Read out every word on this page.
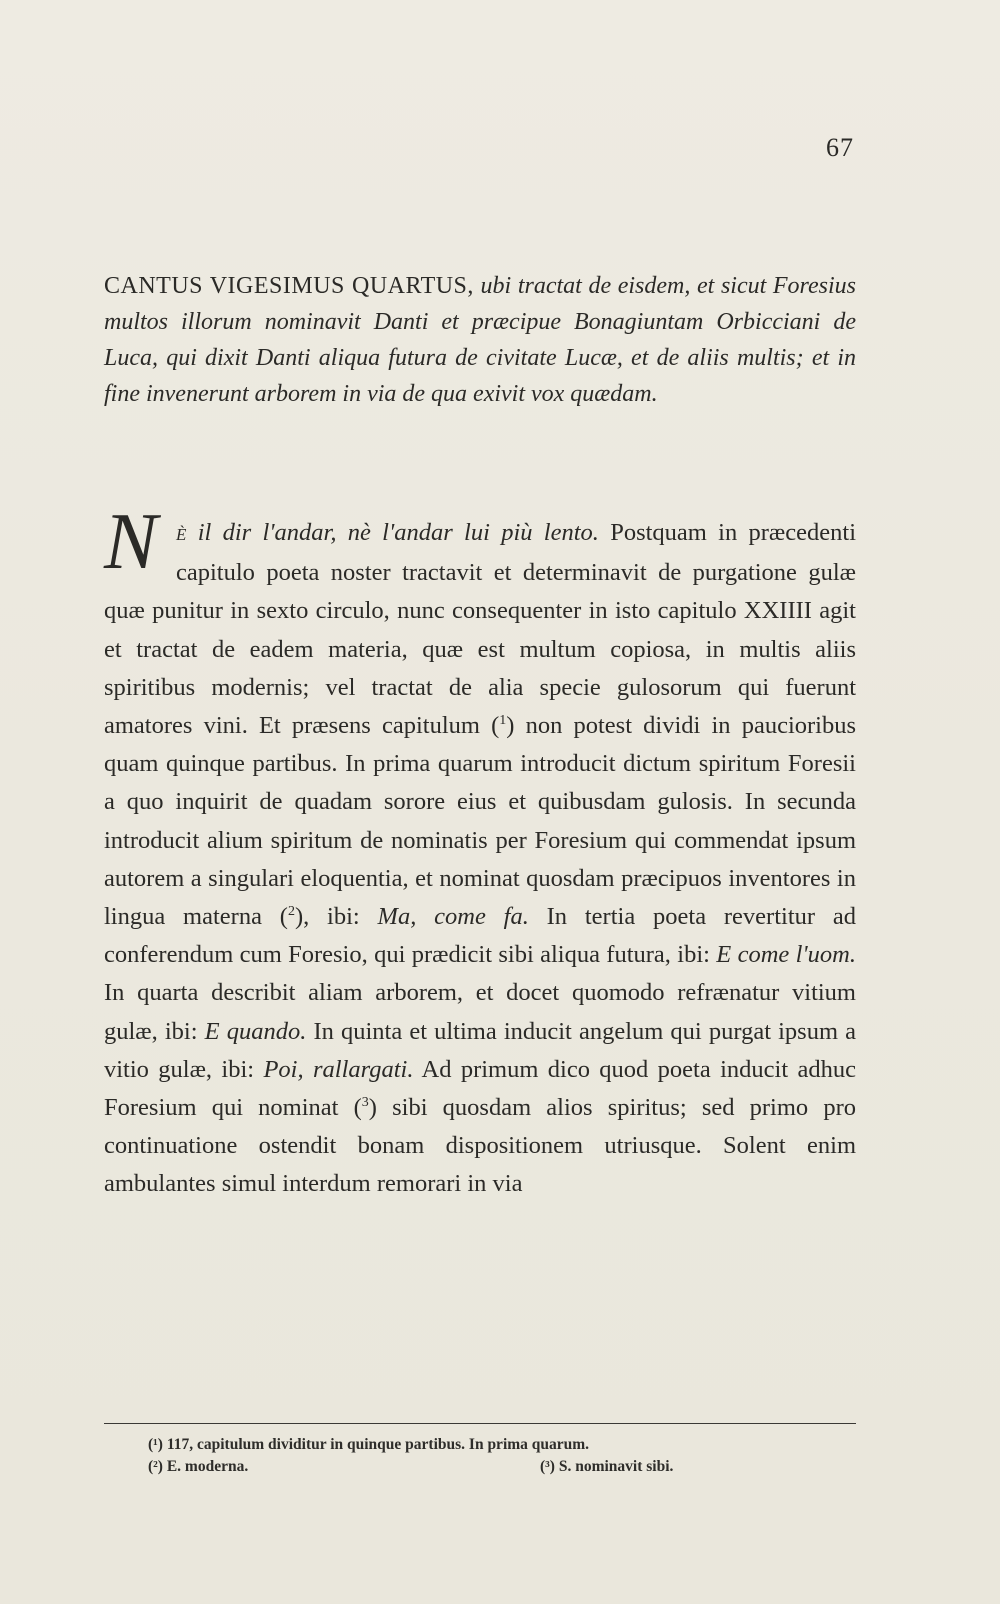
67
CANTUS VIGESIMUS QUARTUS, ubi tractat de eisdem, et sicut Foresius multos illorum nominavit Danti et præcipue Bonagiuntam Orbicciani de Luca, qui dixit Danti aliqua futura de civitate Lucæ, et de aliis multis; et in fine invenerunt arborem in via de qua exivit vox quædam.
N È il dir l'andar, nè l'andar lui più lento. Postquam in præcedenti capitulo poeta noster tractavit et determinavit de purgatione gulæ quæ punitur in sexto circulo, nunc consequenter in isto capitulo XXIIII agit et tractat de eadem materia, quæ est multum copiosa, in multis aliis spiritibus modernis; vel tractat de alia specie gulosorum qui fuerunt amatores vini. Et præsens capitulum ($^1$) non potest dividi in paucioribus quam quinque partibus. In prima quarum introducit dictum spiritum Foresii a quo inquirit de quadam sorore eius et quibusdam gulosis. In secunda introducit alium spiritum de nominatis per Foresium qui commendat ipsum autorem a singulari eloquentia, et nominat quosdam præcipuos inventores in lingua materna ($^2$), ibi: Ma, come fa. In tertia poeta revertitur ad conferendum cum Foresio, qui prædicit sibi aliqua futura, ibi: E come l'uom. In quarta describit aliam arborem, et docet quomodo refrænatur vitium gulæ, ibi: E quando. In quinta et ultima inducit angelum qui purgat ipsum a vitio gulæ, ibi: Poi, rallargati. Ad primum dico quod poeta inducit adhuc Foresium qui nominat ($^3$) sibi quosdam alios spiritus; sed primo pro continuatione ostendit bonam dispositionem utriusque. Solent enim ambulantes simul interdum remorari in via
(¹) 117, capitulum dividitur in quinque partibus. In prima quarum.
(²) E. moderna.	(³) S. nominavit sibi.
